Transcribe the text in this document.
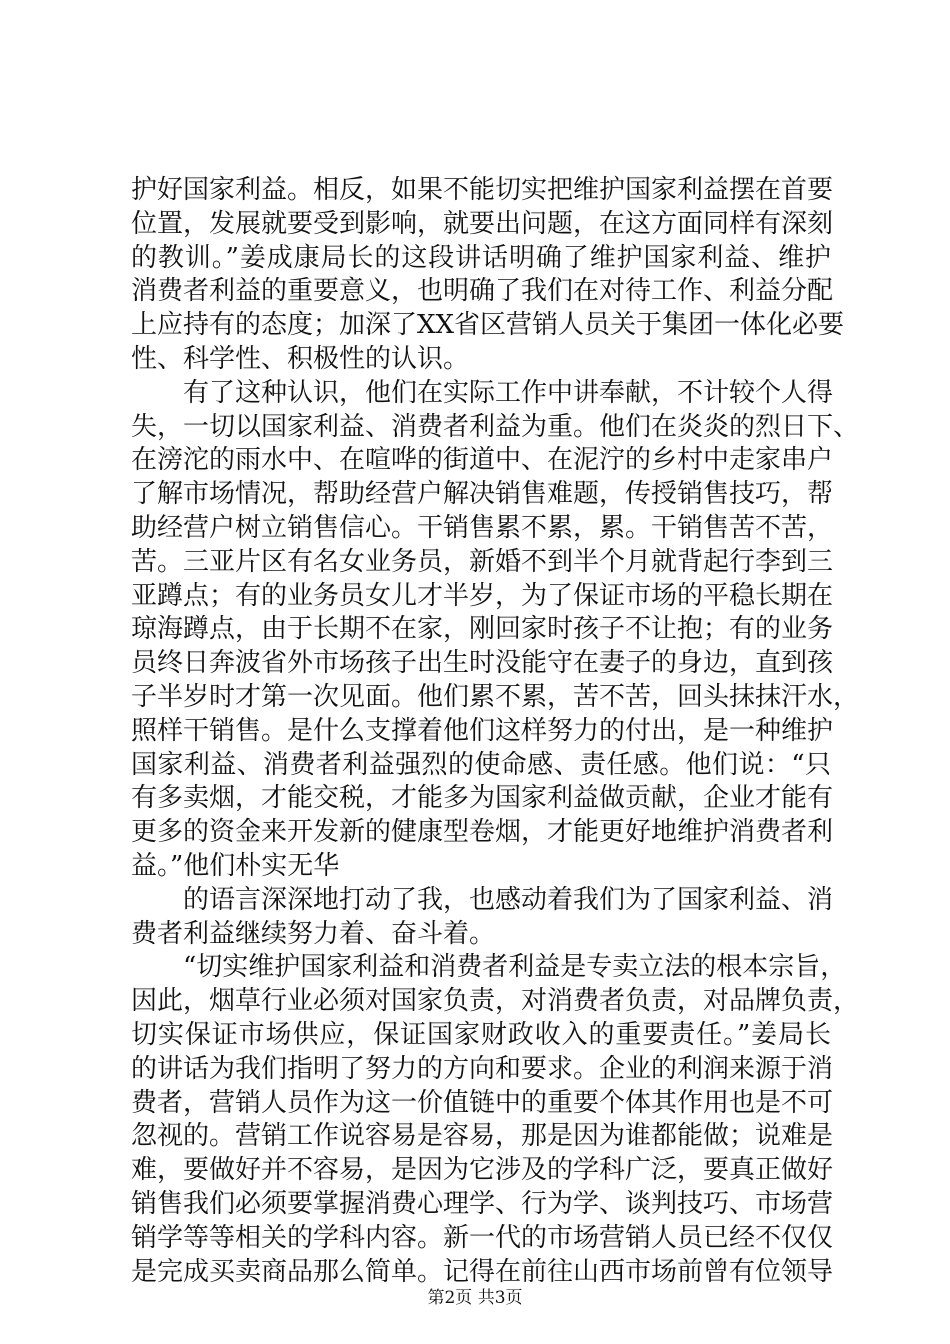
护好国家利益。相反，如果不能切实把维护国家利益摆在首要
位置，发展就要受到影响，就要出问题，在这方面同样有深刻
的教训。”姜成康局长的这段讲话明确了维护国家利益、维护
消费者利益的重要意义，也明确了我们在对待工作、利益分配
上应持有的态度；加深了XX省区营销人员关于集团一体化必要
性、科学性、积极性的认识。
有了这种认识，他们在实际工作中讲奉献，不计较个人得
失，一切以国家利益、消费者利益为重。他们在炎炎的烈日下、
在滂沱的雨水中、在喧哗的街道中、在泥泞的乡村中走家串户
了解市场情况，帮助经营户解决销售难题，传授销售技巧，帮
助经营户树立销售信心。干销售累不累，累。干销售苦不苦，
苦。三亚片区有名女业务员，新婚不到半个月就背起行李到三
亚蹲点；有的业务员女儿才半岁，为了保证市场的平稳长期在
琼海蹲点，由于长期不在家，刚回家时孩子不让抱；有的业务
员终日奔波省外市场孩子出生时没能守在妻子的身边，直到孩
子半岁时才第一次见面。他们累不累，苦不苦，回头抹抹汗水，
照样干销售。是什么支撑着他们这样努力的付出，是一种维护
国家利益、消费者利益强烈的使命感、责任感。他们说：“只
有多卖烟，才能交税，才能多为国家利益做贡献，企业才能有
更多的资金来开发新的健康型卷烟，才能更好地维护消费者利
益。”他们朴实无华
的语言深深地打动了我，也感动着我们为了国家利益、消
费者利益继续努力着、奋斗着。
“切实维护国家利益和消费者利益是专卖立法的根本宗旨，
因此，烟草行业必须对国家负责，对消费者负责，对品牌负责，
切实保证市场供应，保证国家财政收入的重要责任。”姜局长
的讲话为我们指明了努力的方向和要求。企业的利润来源于消
费者，营销人员作为这一价值链中的重要个体其作用也是不可
忽视的。营销工作说容易是容易，那是因为谁都能做；说难是
难，要做好并不容易，是因为它涉及的学科广泛，要真正做好
销售我们必须要掌握消费心理学、行为学、谈判技巧、市场营
销学等等相关的学科内容。新一代的市场营销人员已经不仅仅
是完成买卖商品那么简单。记得在前往山西市场前曾有位领导
第2页 共3页
